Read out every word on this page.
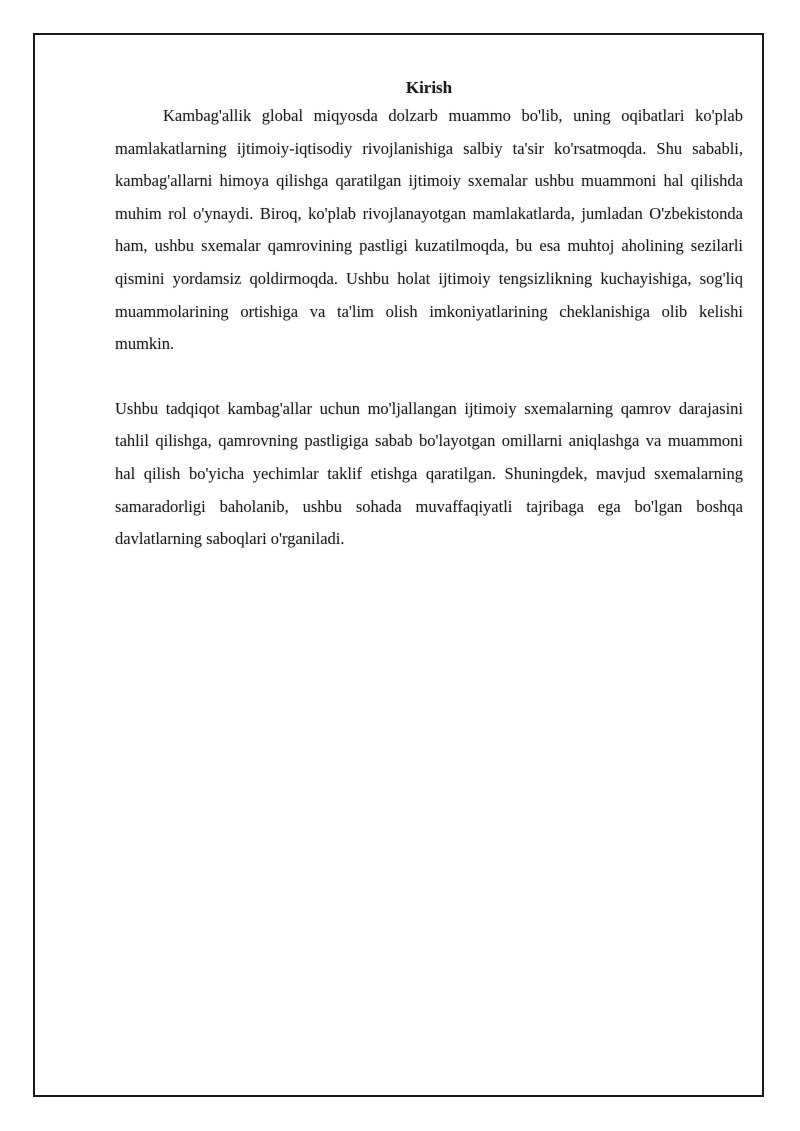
Kirish

Kambag'allik global miqyosda dolzarb muammo bo'lib, uning oqibatlari ko'plab mamlakatlarning ijtimoiy-iqtisodiy rivojlanishiga salbiy ta'sir ko'rsatmoqda. Shu sababli, kambag'allarni himoya qilishga qaratilgan ijtimoiy sxemalar ushbu muammoni hal qilishda muhim rol o'ynaydi. Biroq, ko'plab rivojlanayotgan mamlakatlarda, jumladan O'zbekistonda ham, ushbu sxemalar qamrovining pastligi kuzatilmoqda, bu esa muhtoj aholining sezilarli qismini yordamsiz qoldirmoqda. Ushbu holat ijtimoiy tengsizlikning kuchayishiga, sog'liq muammolarining ortishiga va ta'lim olish imkoniyatlarining cheklanishiga olib kelishi mumkin.

Ushbu tadqiqot kambag'allar uchun mo'ljallangan ijtimoiy sxemalarning qamrov darajasini tahlil qilishga, qamrovning pastligiga sabab bo'layotgan omillarni aniqlashga va muammoni hal qilish bo'yicha yechimlar taklif etishga qaratilgan. Shuningdek, mavjud sxemalarning samaradorligi baholanib, ushbu sohada muvaffaqiyatli tajribaga ega bo'lgan boshqa davlatlarning saboqlari o'rganiladi.
